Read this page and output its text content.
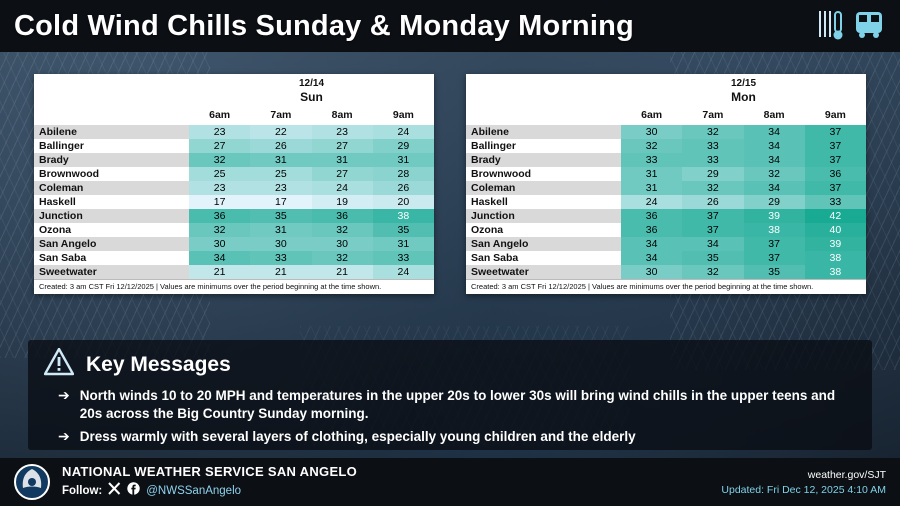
Cold Wind Chills Sunday & Monday Morning

	12/14
Sun			

	6am	7am	8am	9am
Abilene	23	22	23	24
Ballinger	27	26	27	29
Brady	32	31	31	31
Brownwood	25	25	27	28
Coleman	23	23	24	26
Haskell	17	17	19	20
Junction	36	35	36	38
Ozona	32	31	32	35
San Angelo	30	30	30	31
San Saba	34	33	32	33
Sweetwater	21	21	21	24
Created: 3 am CST Fri 12/12/2025 | Values are minimums over the period beginning at the time shown.

	12/15
Mon			

	6am	7am	8am	9am
Abilene	30	32	34	37
Ballinger	32	33	34	37
Brady	33	33	34	37
Brownwood	31	29	32	36
Coleman	31	32	34	37
Haskell	24	26	29	33
Junction	36	37	39	42
Ozona	36	37	38	40
San Angelo	34	34	37	39
San Saba	34	35	37	38
Sweetwater	30	32	35	38
Created: 3 am CST Fri 12/12/2025 | Values are minimums over the period beginning at the time shown.
Key Messages
➔ North winds 10 to 20 MPH and temperatures in the upper 20s to lower 30s will bring wind chills in the upper teens and 20s across the Big Country Sunday morning.
➔ Dress warmly with several layers of clothing, especially young children and the elderly
NATIONAL WEATHER SERVICE SAN ANGELO
Follow:	@NWSSanAngelo
weather.gov/SJT
Updated: Fri Dec 12, 2025 4:10 AM
